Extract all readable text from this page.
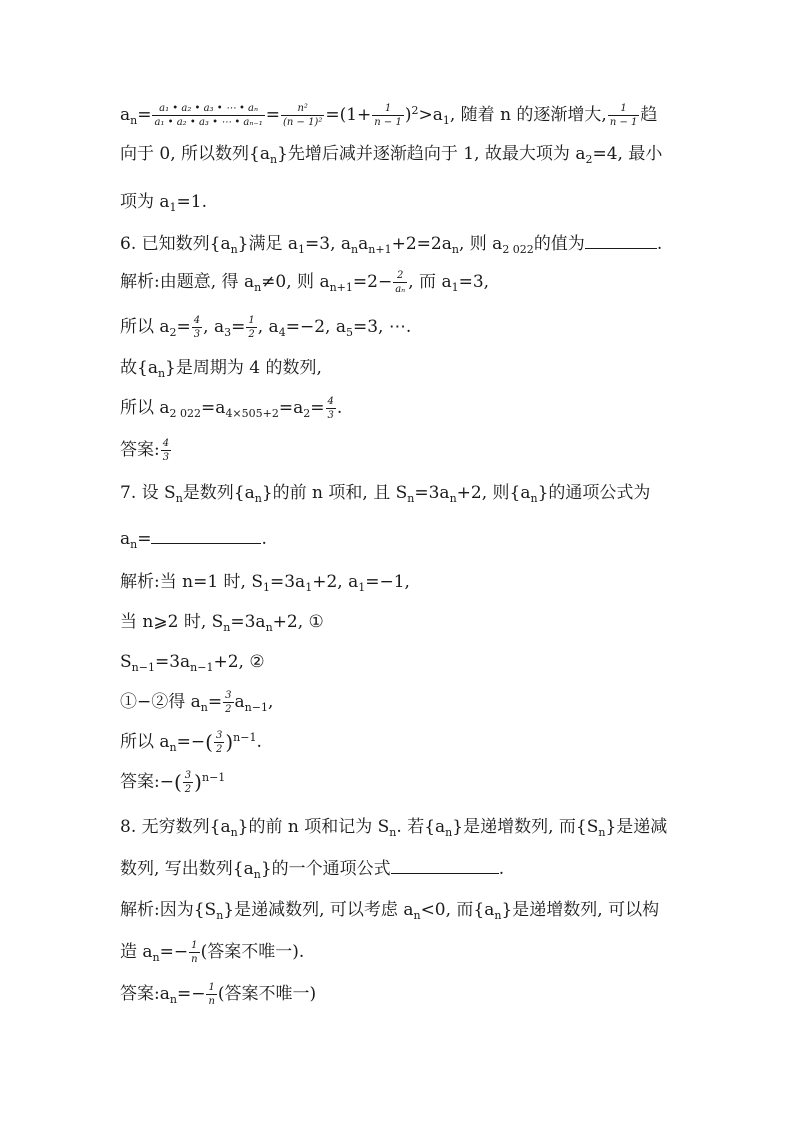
$a_n= \frac{\text{a₁ • a₂ • a₃ • ⋯ • aₙ}}{\text{a₁ • a₂ • a₃ • ⋯ • aₙ₋₁}} = \frac{\text{n²}}{\text{(n − 1)²}} =(1+ \frac{1}{n - 1} )^2>a_1$, 随着 n 的逐渐增大, $\frac{1}{n - 1}$ 趋
向于 0, 所以数列$\{a_n\}$先增后减并逐渐趋向于 1, 故最大项为 $a_2=4$, 最小
项为 $a_1=1$.
6. 已知数列$\{a_n\}$满足 $a_1=3$, $a_na_{n+1}+2=2a_n$, 则 $a_{2 022}$的值为	.
解析:由题意, 得 $a_n\ne 0$, 则 $a_{n+1}=2- \frac{2}{\text{aₙ}}$ , 而 $a_1=3$,
所以 $a_2= \frac{4}{3}$ , $a_3= \frac{1}{2}$ , $a_4=-2$, $a_5=3$, ⋯.
故$\{a_n\}$是周期为 4 的数列,
所以 $a_{2 022}=a_{4\times 505+2}=a_2= \frac{4}{3}$ .
答案: $\frac{4}{3}$
7. 设 $S_n$是数列$\{a_n\}$的前 n 项和, 且 $S_n=3a_n+2$, 则$\{a_n\}$的通项公式为
$a_n=$	.
解析:当 n=1 时, $S_1=3a_1+2$, $a_1=-1$,
当 n⩾2 时, $S_n=3a_n+2$, ①
$S_{n-1}=3a_{n-1}+2$, ②
①−②得 $a_n= \frac{3}{2} a_{n-1}$,
所以 $a_n=-( \frac{3}{2} )^{n-1}$.
答案:−( $\frac{3}{2} )^{n-1}$
8. 无穷数列$\{a_n\}$的前 n 项和记为 $S_n$. 若$\{a_n\}$是递增数列, 而$\{S_n\}$是递减
数列, 写出数列$\{a_n\}$的一个通项公式	.
解析:因为$\{S_n\}$是递减数列, 可以考虑 $a_n<0$, 而$\{a_n\}$是递增数列, 可以构
造 $a_n=- \frac{1}{n}$ (答案不唯一).
答案$:a_n=- \frac{1}{n}$ (答案不唯一)
